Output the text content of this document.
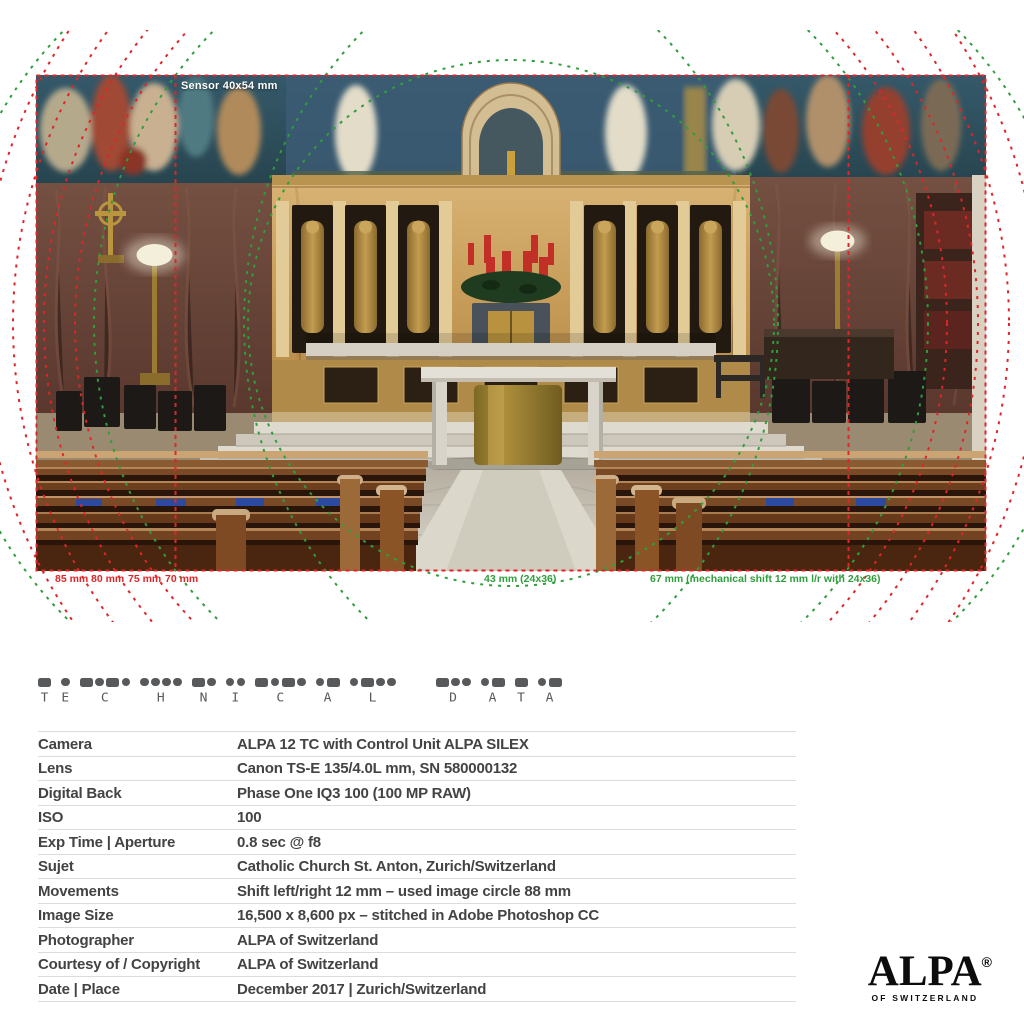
Sensor 40x54 mm
85 mm 80 mm 75 mm 70 mm	43 mm (24x36)	67 mm (mechanical shift 12 mm l/r with 24x36)
T E C	H	N I	C	A	L	D A T A
Camera	ALPA 12 TC with Control Unit ALPA SILEX
Lens	Canon TS-E 135/4.0L mm, SN 580000132
Digital Back	Phase One IQ3 100 (100 MP RAW)
ISO	100
Exp Time | Aperture	0.8 sec @ f8
Sujet	Catholic Church St. Anton, Zurich/Switzerland
Movements	Shift left/right 12 mm – used image circle 88 mm
Image Size	16,500 x 8,600 px – stitched in Adobe Photoshop CC
Photographer	ALPA of Switzerland
Courtesy of / Copyright	ALPA of Switzerland
Date | Place	December 2017 | Zurich/Switzerland	ALPA®
OF SWITZERLAND
